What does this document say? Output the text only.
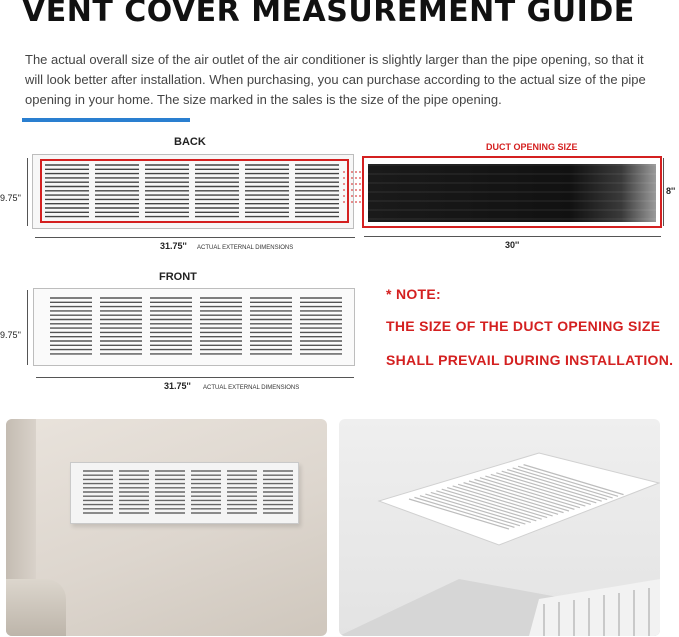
VENT COVER MEASUREMENT GUIDE
The actual overall size of the air outlet of the air conditioner is slightly larger than the pipe opening, so that it will look better after installation. When purchasing, you can purchase according to the actual size of the pipe opening in your home. The size marked in the sales is the size of the pipe opening.
BACK
9.75''
31.75'' ACTUAL EXTERNAL DIMENSIONS
DUCT OPENING SIZE
8''
30''
FRONT
9.75''
31.75'' ACTUAL EXTERNAL DIMENSIONS
* NOTE:
THE SIZE OF THE DUCT OPENING SIZE
SHALL PREVAIL DURING INSTALLATION.
